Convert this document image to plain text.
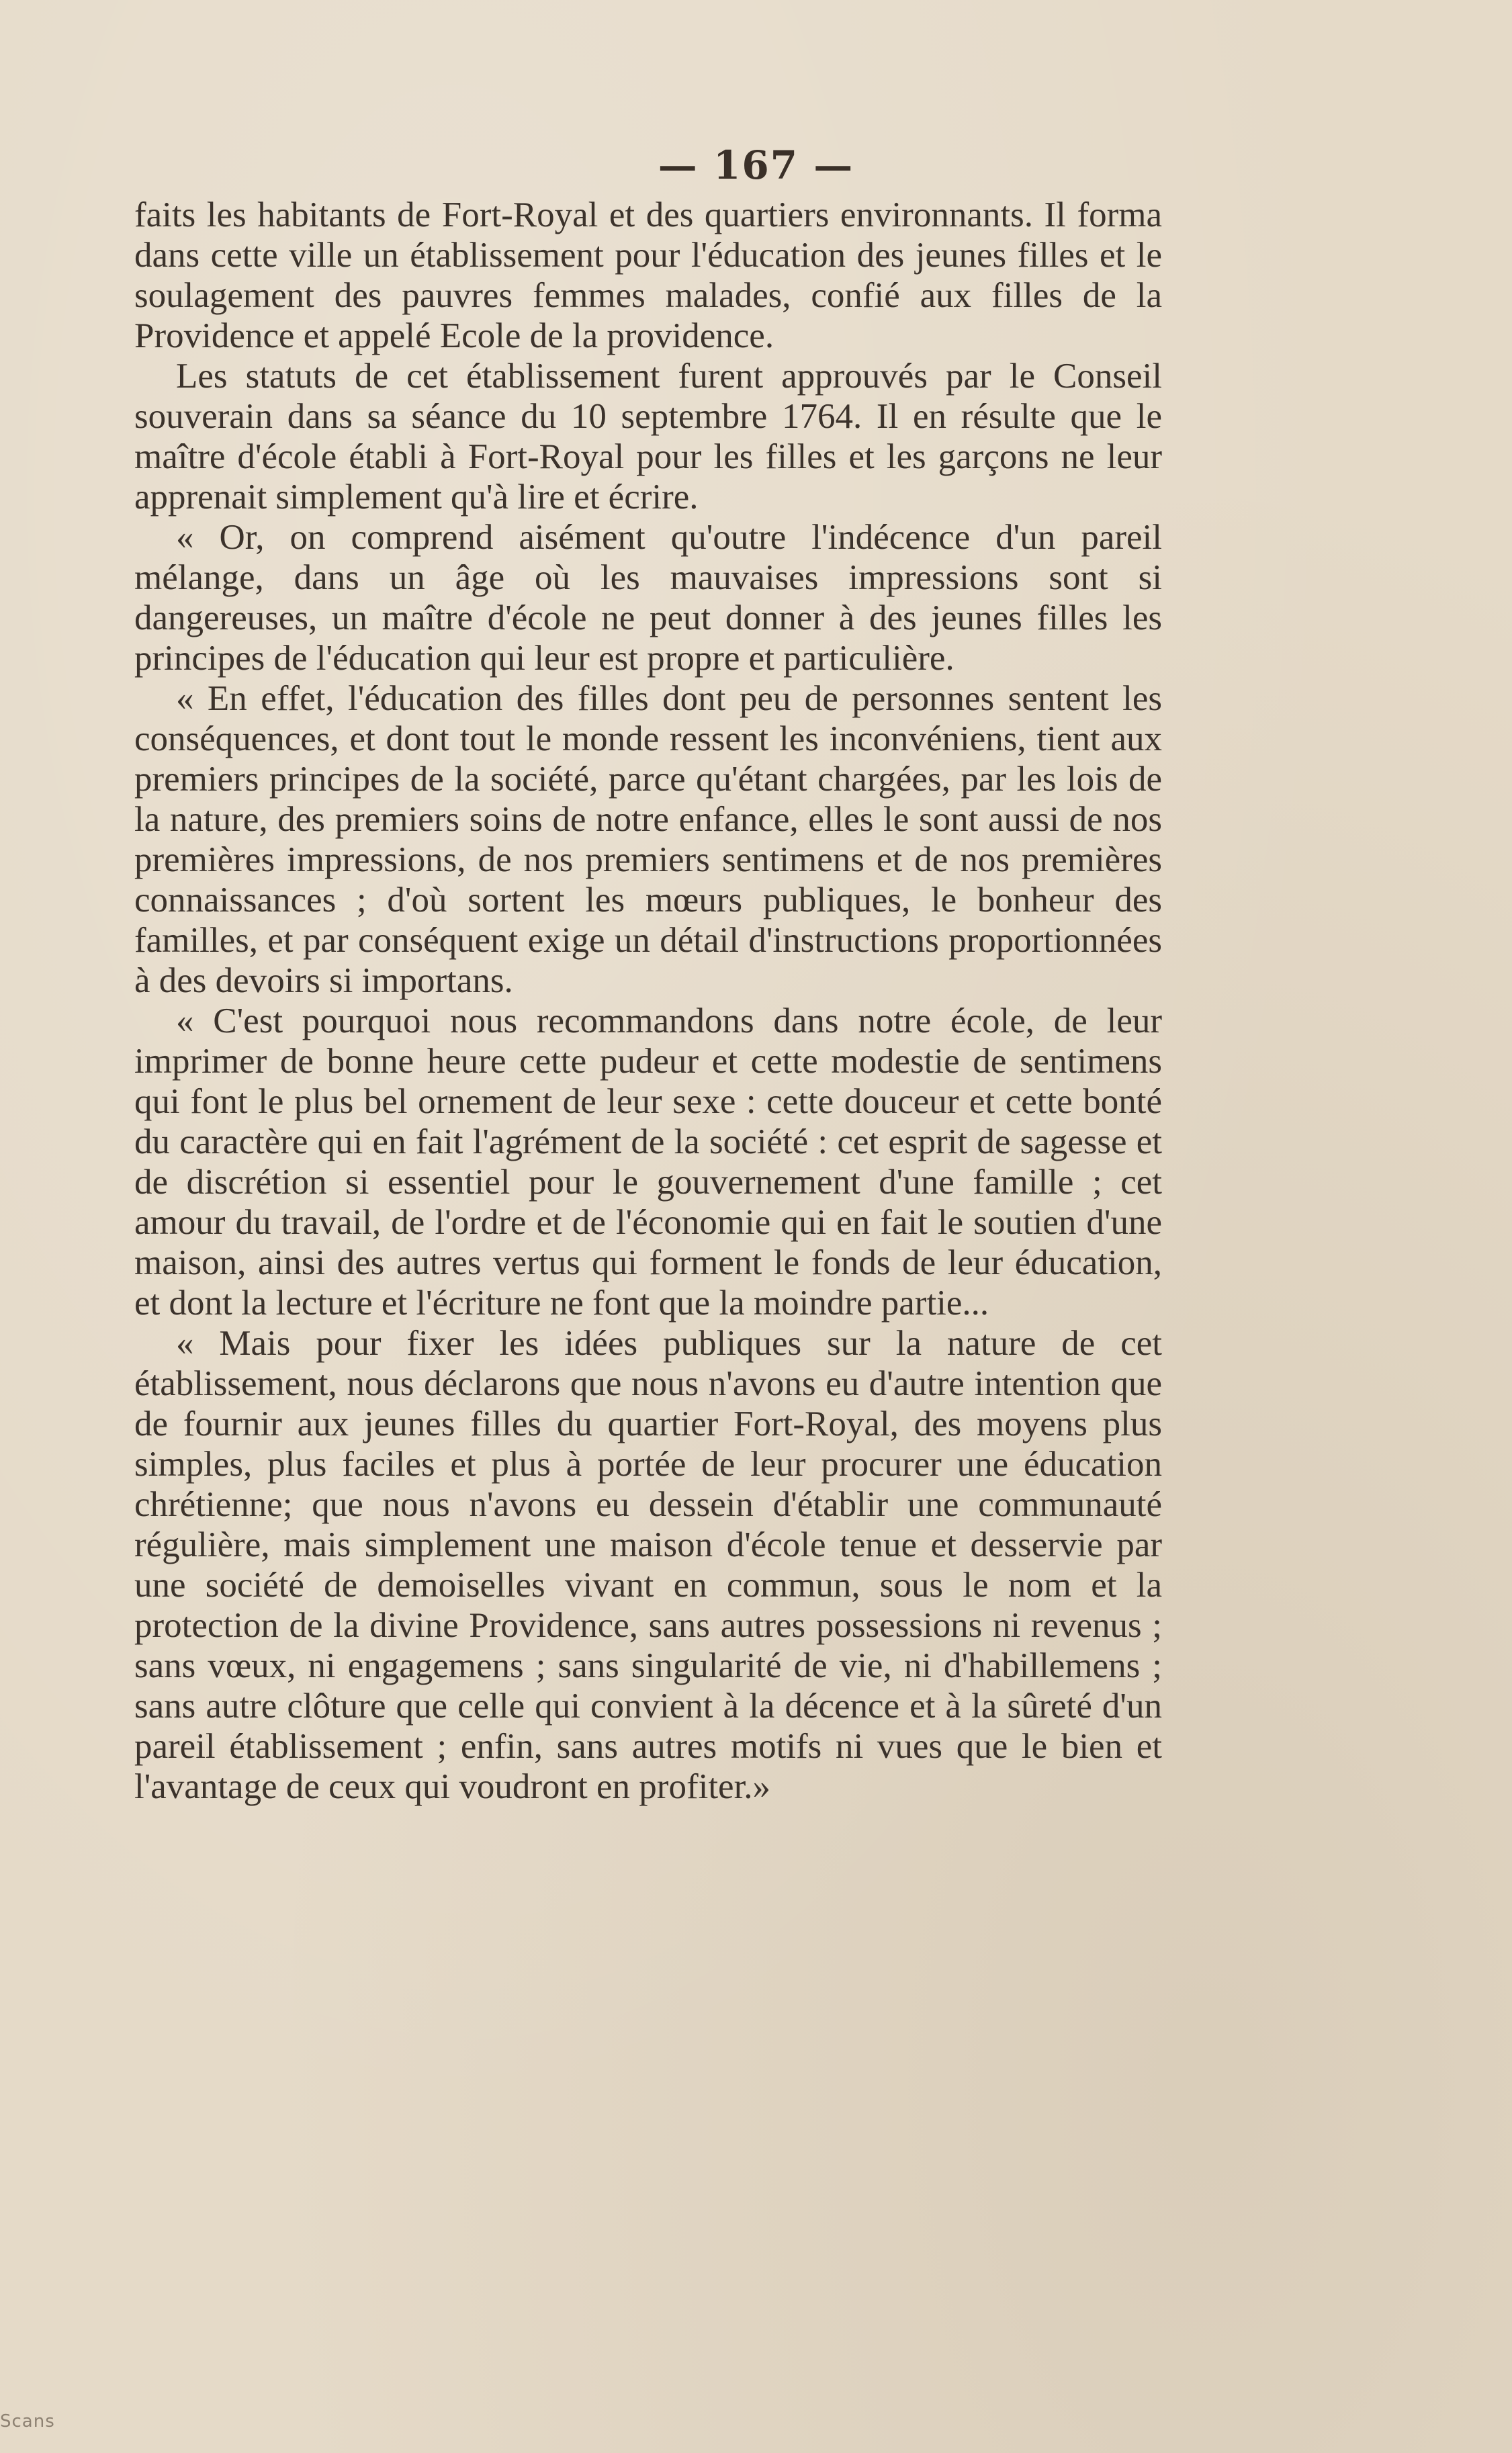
— 167 —

faits les habitants de Fort-Royal et des quartiers environnants. Il forma dans cette ville un établissement pour l'éducation des jeunes filles et le soulagement des pauvres femmes malades, confié aux filles de la Providence et appelé Ecole de la providence.

Les statuts de cet établissement furent approuvés par le Conseil souverain dans sa séance du 10 septembre 1764. Il en résulte que le maître d'école établi à Fort-Royal pour les filles et les garçons ne leur apprenait simplement qu'à lire et écrire.

« Or, on comprend aisément qu'outre l'indécence d'un pareil mélange, dans un âge où les mauvaises impressions sont si dangereuses, un maître d'école ne peut donner à des jeunes filles les principes de l'éducation qui leur est propre et particulière.

« En effet, l'éducation des filles dont peu de personnes sentent les conséquences, et dont tout le monde ressent les inconvéniens, tient aux premiers principes de la société, parce qu'étant chargées, par les lois de la nature, des premiers soins de notre enfance, elles le sont aussi de nos premières impressions, de nos premiers sentimens et de nos premières connaissances ; d'où sortent les mœurs publiques, le bonheur des familles, et par conséquent exige un détail d'instructions proportionnées à des devoirs si importans.

« C'est pourquoi nous recommandons dans notre école, de leur imprimer de bonne heure cette pudeur et cette modestie de sentimens qui font le plus bel ornement de leur sexe : cette douceur et cette bonté du caractère qui en fait l'agrément de la société : cet esprit de sagesse et de discrétion si essentiel pour le gouvernement d'une famille ; cet amour du travail, de l'ordre et de l'économie qui en fait le soutien d'une maison, ainsi des autres vertus qui forment le fonds de leur éducation, et dont la lecture et l'écriture ne font que la moindre partie...

« Mais pour fixer les idées publiques sur la nature de cet établissement, nous déclarons que nous n'avons eu d'autre intention que de fournir aux jeunes filles du quartier Fort-Royal, des moyens plus simples, plus faciles et plus à portée de leur procurer une éducation chrétienne; que nous n'avons eu dessein d'établir une communauté régulière, mais simplement une maison d'école tenue et desservie par une société de demoiselles vivant en commun, sous le nom et la protection de la divine Providence, sans autres possessions ni revenus ; sans vœux, ni engagemens ; sans singularité de vie, ni d'habillemens ; sans autre clôture que celle qui convient à la décence et à la sûreté d'un pareil établissement ; enfin, sans autres motifs ni vues que le bien et l'avantage de ceux qui voudront en profiter.»

Scans
